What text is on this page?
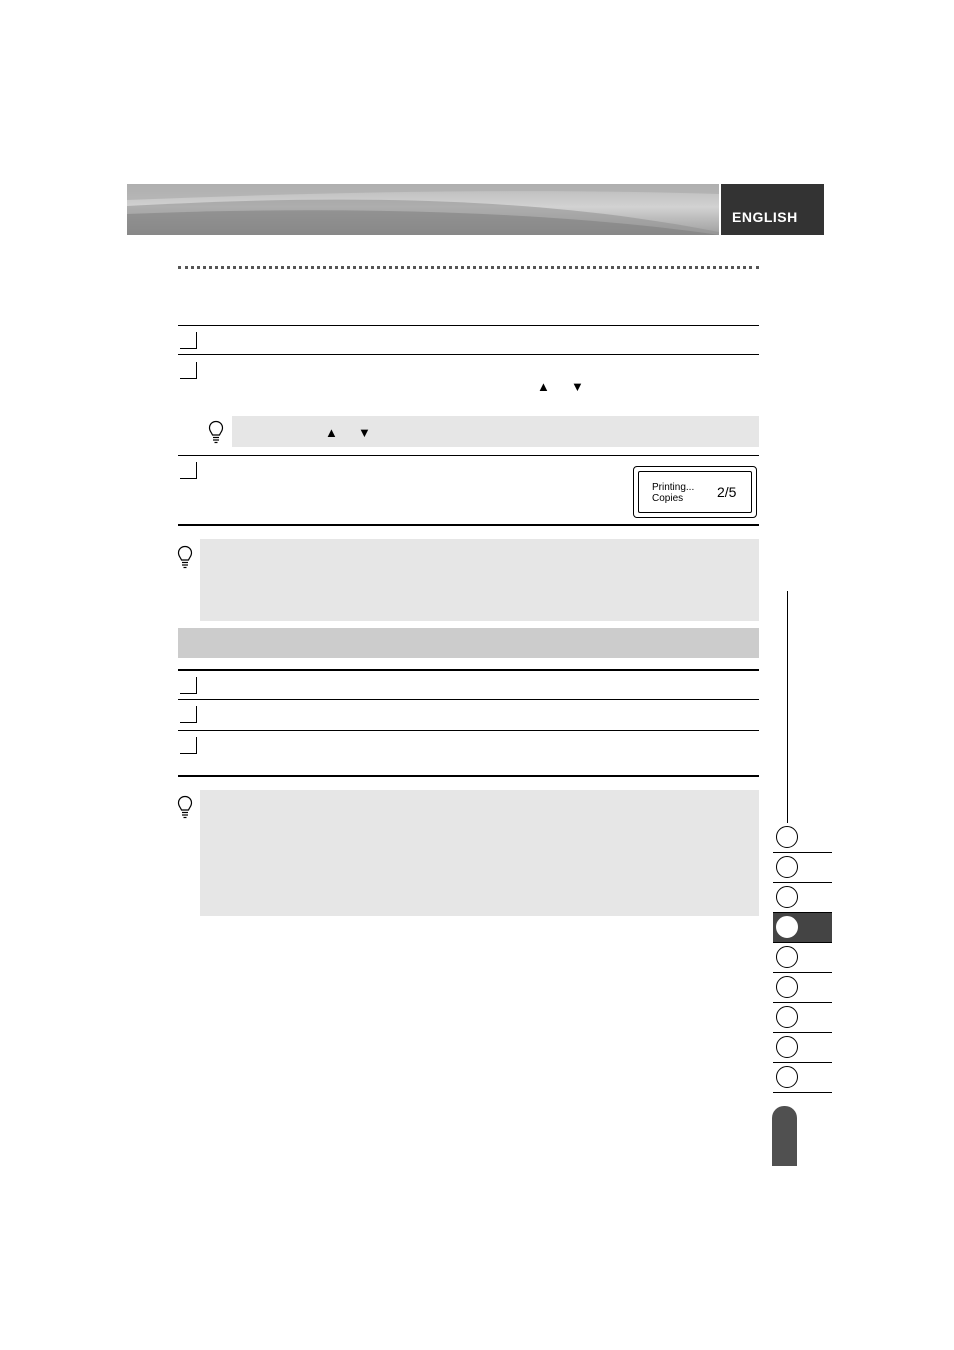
ENGLISH
▲ ▼
▲ ▼
Printing...
Copies 2/5
